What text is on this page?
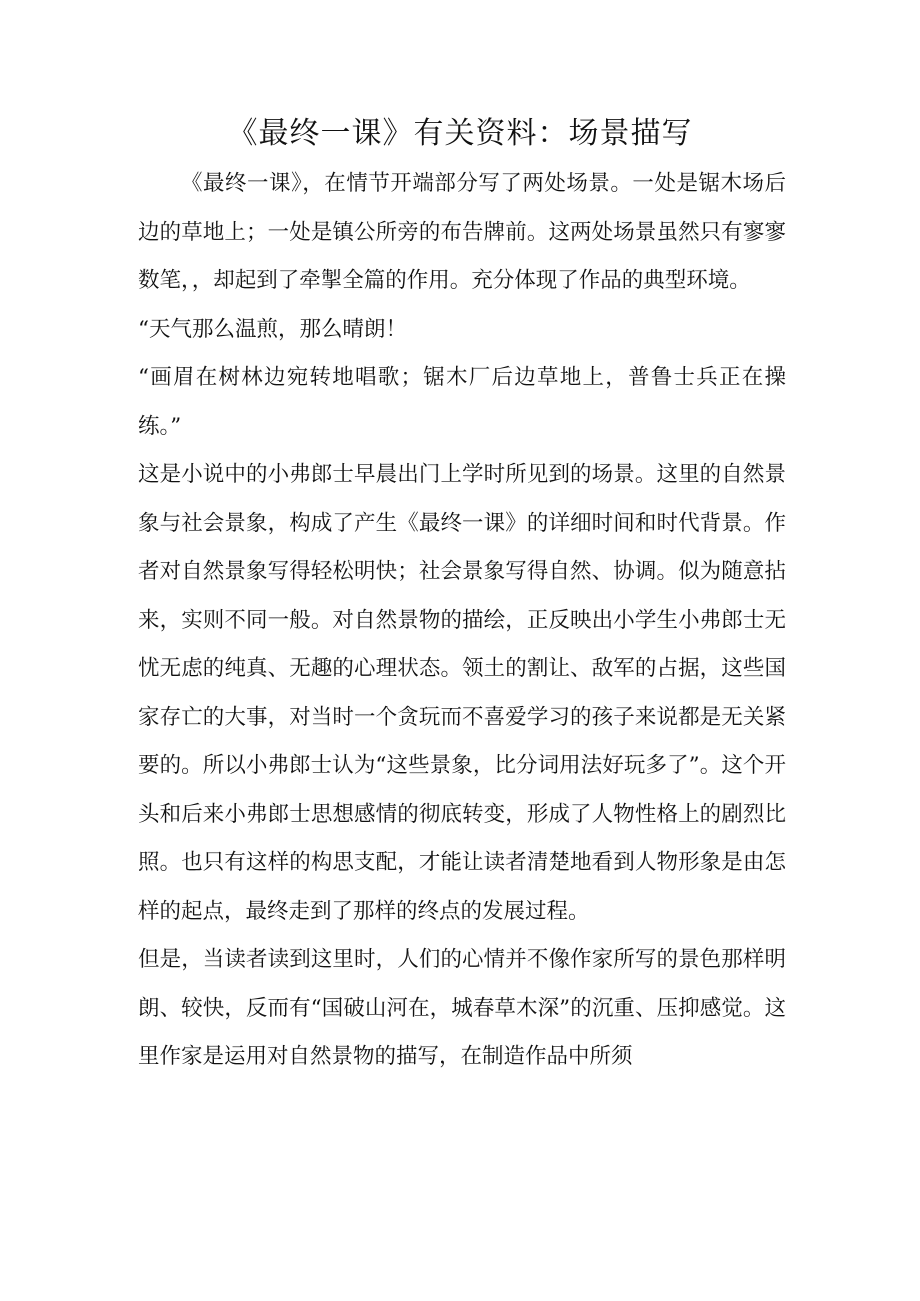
《最终一课》有关资料：场景描写

《最终一课》，在情节开端部分写了两处场景。一处是锯木场后边的草地上；一处是镇公所旁的布告牌前。这两处场景虽然只有寥寥数笔，，却起到了牵掣全篇的作用。充分体现了作品的典型环境。

“天气那么温煎，那么晴朗！

“画眉在树林边宛转地唱歌；锯木厂后边草地上，普鲁士兵正在操练。”

这是小说中的小弗郎士早晨出门上学时所见到的场景。这里的自然景象与社会景象，构成了产生《最终一课》的详细时间和时代背景。作者对自然景象写得轻松明快；社会景象写得自然、协调。似为随意拈来，实则不同一般。对自然景物的描绘，正反映出小学生小弗郎士无忧无虑的纯真、无趣的心理状态。领土的割让、敌军的占据，这些国家存亡的大事，对当时一个贪玩而不喜爱学习的孩子来说都是无关紧要的。所以小弗郎士认为“这些景象，比分词用法好玩多了”。这个开头和后来小弗郎士思想感情的彻底转变，形成了人物性格上的剧烈比照。也只有这样的构思支配，才能让读者清楚地看到人物形象是由怎样的起点，最终走到了那样的终点的发展过程。

但是，当读者读到这里时，人们的心情并不像作家所写的景色那样明朗、较快，反而有“国破山河在，城春草木深”的沉重、压抑感觉。这里作家是运用对自然景物的描写，在制造作品中所须
